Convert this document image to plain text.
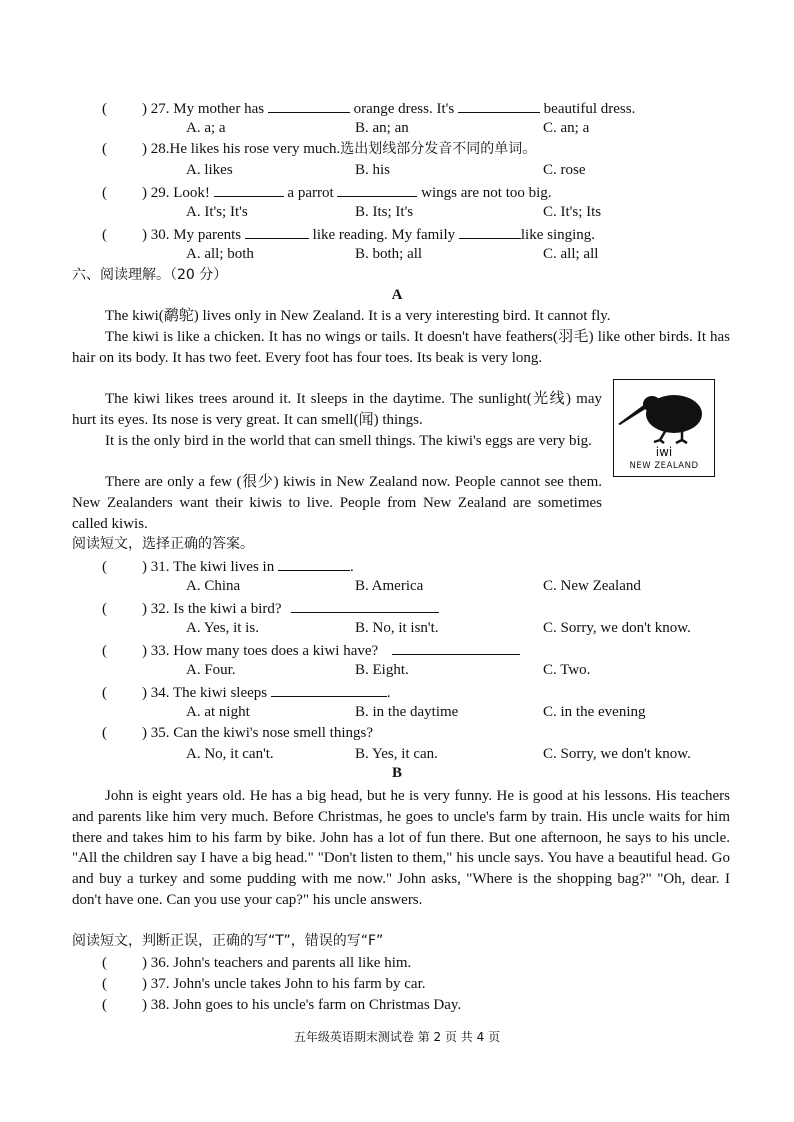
( ) 27. My mother has	orange dress. It's	beautiful dress.
A. a; a	B. an; an	C. an; a
( ) 28.He likes his rose very much.选出划线部分发音不同的单词。
A. likes	B. his	C. rose
( ) 29. Look!	a parrot	wings are not too big.
A. It's; It's	B. Its; It's	C. It's; Its
( ) 30. My parents	like reading. My family	like singing.
A. all; both	B. both; all	C. all; all
六、阅读理解。（20 分）
A

The kiwi(鹬鸵) lives only in New Zealand. It is a very interesting bird. It cannot fly.

The kiwi is like a chicken. It has no wings or tails. It doesn't have feathers(羽毛) like other birds. It has hair on its body. It has two feet. Every foot has four toes. Its beak is very long.

The kiwi likes trees around it. It sleeps in the daytime. The sunlight(光线) may hurt its eyes. Its nose is very great. It can smell(闻) things.

It is the only bird in the world that can smell things. The kiwi's eggs are very big.

There are only a few (很少) kiwis in New Zealand now. People cannot see them. New Zealanders want their kiwis to live. People from New Zealand are sometimes called kiwis.

iwi
NEW ZEALAND
阅读短文，选择正确的答案。
( ) 31. The kiwi lives in	.
A. China	B. America	C. New Zealand
( ) 32. Is the kiwi a bird?
A. Yes, it is.	B. No, it isn't.	C. Sorry, we don't know.
( ) 33. How many toes does a kiwi have?
A. Four.	B. Eight.	C. Two.
( ) 34. The kiwi sleeps	.
A. at night	B. in the daytime	C. in the evening
( ) 35. Can the kiwi's nose smell things?
A. No, it can't.	B. Yes, it can.	C. Sorry, we don't know.
B

John is eight years old. He has a big head, but he is very funny. He is good at his lessons. His teachers and parents like him very much. Before Christmas, he goes to uncle's farm by train. His uncle waits for him there and takes him to his farm by bike. John has a lot of fun there. But one afternoon, he says to his uncle. "All the children say I have a big head." "Don't listen to them," his uncle says. You have a beautiful head. Go and buy a turkey and some pudding with me now." John asks, "Where is the shopping bag?" "Oh, dear. I don't have one. Can you use your cap?" his uncle answers.

阅读短文，判断正误，正确的写“T”，错误的写“F”
( ) 36. John's teachers and parents all like him.
( ) 37. John's uncle takes John to his farm by car.
( ) 38. John goes to his uncle's farm on Christmas Day.
五年级英语期末测试卷 第 2 页 共 4 页
